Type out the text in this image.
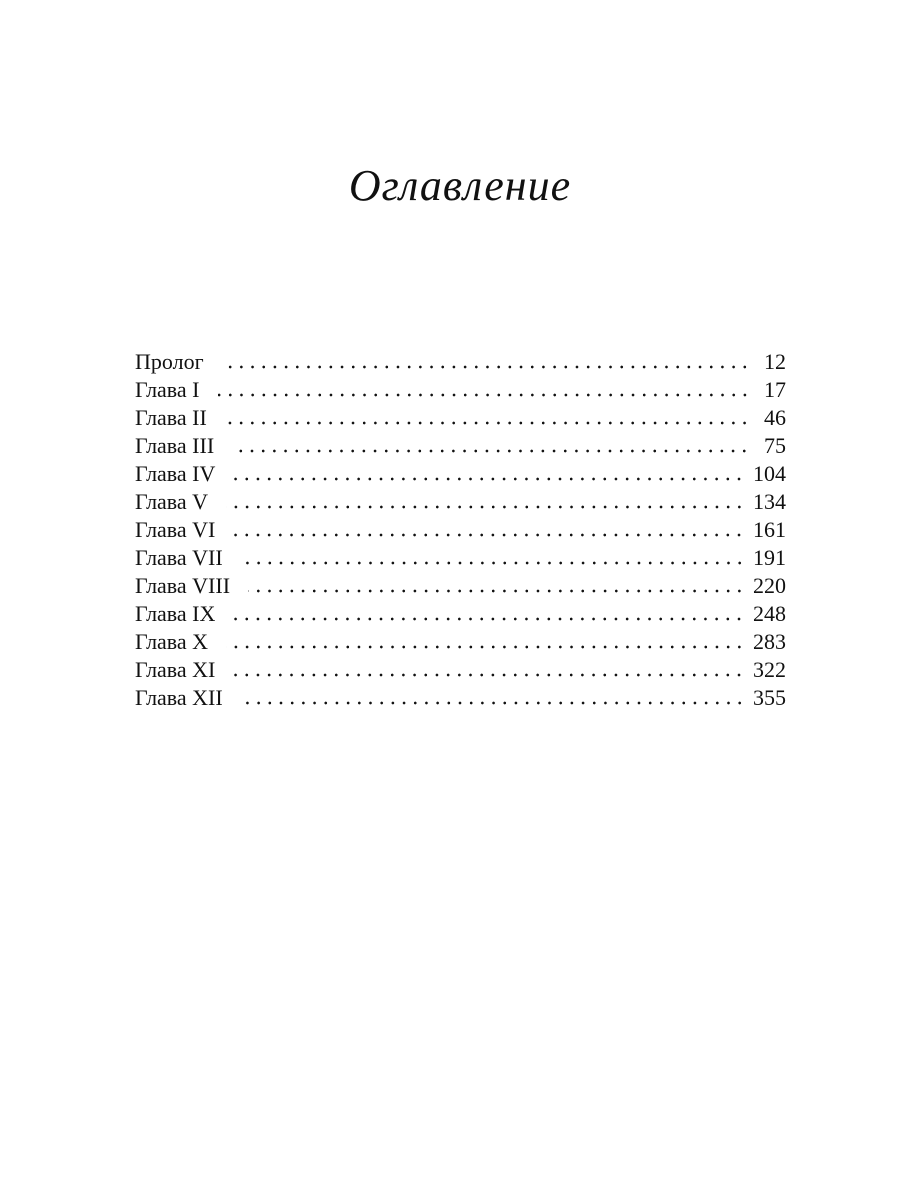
Оглавление
Пролог	12
Глава I	17
Глава II	46
Глава III	75
Глава IV	104
Глава V	134
Глава VI	161
Глава VII	191
Глава VIII	220
Глава IX	248
Глава X	283
Глава XI	322
Глава XII	355
